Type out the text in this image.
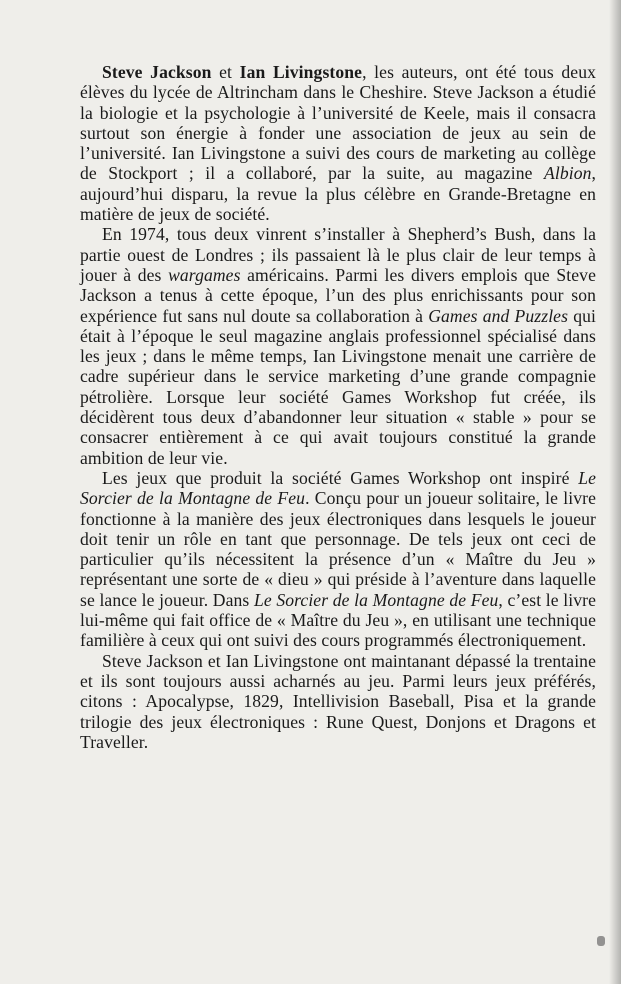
Steve Jackson et Ian Livingstone, les auteurs, ont été tous deux élèves du lycée de Altrincham dans le Cheshire. Steve Jackson a étudié la biologie et la psychologie à l’université de Keele, mais il consacra surtout son énergie à fonder une association de jeux au sein de l’université. Ian Livingstone a suivi des cours de marketing au collège de Stockport ; il a collaboré, par la suite, au magazine Albion, aujourd’hui disparu, la revue la plus célèbre en Grande-Bretagne en matière de jeux de société.

En 1974, tous deux vinrent s’installer à Shepherd’s Bush, dans la partie ouest de Londres ; ils passaient là le plus clair de leur temps à jouer à des wargames américains. Parmi les divers emplois que Steve Jackson a tenus à cette époque, l’un des plus enrichissants pour son expérience fut sans nul doute sa collaboration à Games and Puzzles qui était à l’époque le seul magazine anglais professionnel spécialisé dans les jeux ; dans le même temps, Ian Livingstone menait une carrière de cadre supérieur dans le service marketing d’une grande compagnie pétrolière. Lorsque leur société Games Workshop fut créée, ils décidèrent tous deux d’abandonner leur situation « stable » pour se consacrer entièrement à ce qui avait toujours constitué la grande ambition de leur vie.

Les jeux que produit la société Games Workshop ont inspiré Le Sorcier de la Montagne de Feu. Conçu pour un joueur solitaire, le livre fonctionne à la manière des jeux électroniques dans lesquels le joueur doit tenir un rôle en tant que personnage. De tels jeux ont ceci de particulier qu’ils nécessitent la présence d’un « Maître du Jeu » représentant une sorte de « dieu » qui préside à l’aventure dans laquelle se lance le joueur. Dans Le Sorcier de la Montagne de Feu, c’est le livre lui-même qui fait office de « Maître du Jeu », en utilisant une technique familière à ceux qui ont suivi des cours programmés électroniquement.

Steve Jackson et Ian Livingstone ont maintanant dépassé la trentaine et ils sont toujours aussi acharnés au jeu. Parmi leurs jeux préférés, citons : Apocalypse, 1829, Intellivision Baseball, Pisa et la grande trilogie des jeux électroniques : Rune Quest, Donjons et Dragons et Traveller.
